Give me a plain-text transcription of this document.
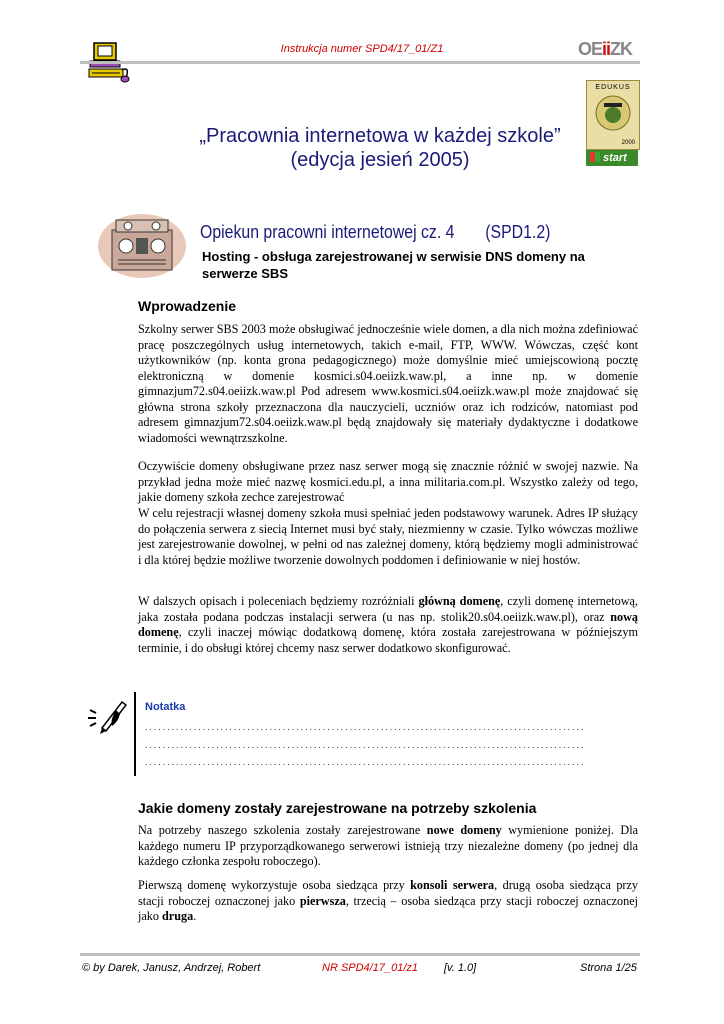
Instrukcja numer SPD4/17_01/Z1	OEiiZK
EDUKUS
2000
start
„Pracownia internetowa w każdej szkole”
(edycja jesień 2005)
Opiekun pracowni internetowej cz. 4       (SPD1.2)
Hosting - obsługa zarejestrowanej w serwisie DNS domeny na serwerze SBS
Wprowadzenie
Szkolny serwer SBS 2003 może obsługiwać jednocześnie wiele domen, a dla nich można zdefiniować pracę poszczególnych usług internetowych, takich e-mail, FTP, WWW. Wówczas, część kont użytkowników (np. konta grona pedagogicznego) może domyślnie mieć umiejscowioną pocztę elektroniczną w domenie kosmici.s04.oeiizk.waw.pl, a inne np. w domenie gimnazjum72.s04.oeiizk.waw.pl Pod adresem www.kosmici.s04.oeiizk.waw.pl może znajdować się główna strona szkoły przeznaczona dla nauczycieli, uczniów oraz ich rodziców, natomiast pod adresem gimnazjum72.s04.oeiizk.waw.pl będą znajdowały się materiały dydaktyczne i dodatkowe wiadomości wewnątrzszkolne.
Oczywiście domeny obsługiwane przez nasz serwer mogą się znacznie różnić w swojej nazwie. Na przykład jedna może mieć nazwę kosmici.edu.pl, a inna militaria.com.pl. Wszystko zależy od tego, jakie domeny szkoła zechce zarejestrować
W celu rejestracji własnej domeny szkoła musi spełniać jeden podstawowy warunek. Adres IP służący do połączenia serwera z siecią Internet musi być stały, niezmienny w czasie. Tylko wówczas możliwe jest zarejestrowanie dowolnej, w pełni od nas zależnej domeny, którą będziemy mogli administrować i dla której będzie możliwe tworzenie dowolnych poddomen i definiowanie w niej hostów.
W dalszych opisach i poleceniach będziemy rozróżniali główną domenę, czyli domenę internetową, jaka została podana podczas instalacji serwera (u nas np. stolik20.s04.oeiizk.waw.pl), oraz nową domenę, czyli inaczej mówiąc dodatkową domenę, która została zarejestrowana w późniejszym terminie, i do obsługi której chcemy nasz serwer dodatkowo skonfigurować.
Notatka
...................................................................................................
...................................................................................................
...................................................................................................
Jakie domeny zostały zarejestrowane na potrzeby szkolenia
Na potrzeby naszego szkolenia zostały zarejestrowane nowe domeny wymienione poniżej. Dla każdego numeru IP przyporządkowanego serwerowi istnieją trzy niezależne domeny (po jednej dla każdego członka zespołu roboczego).
Pierwszą domenę wykorzystuje osoba siedząca przy konsoli serwera, drugą osoba siedząca przy stacji roboczej oznaczonej jako pierwsza, trzecią – osoba siedząca przy stacji roboczej oznaczonej jako druga.
© by Darek, Janusz, Andrzej, Robert	NR SPD4/17_01/z1 [v. 1.0]	Strona 1/25
